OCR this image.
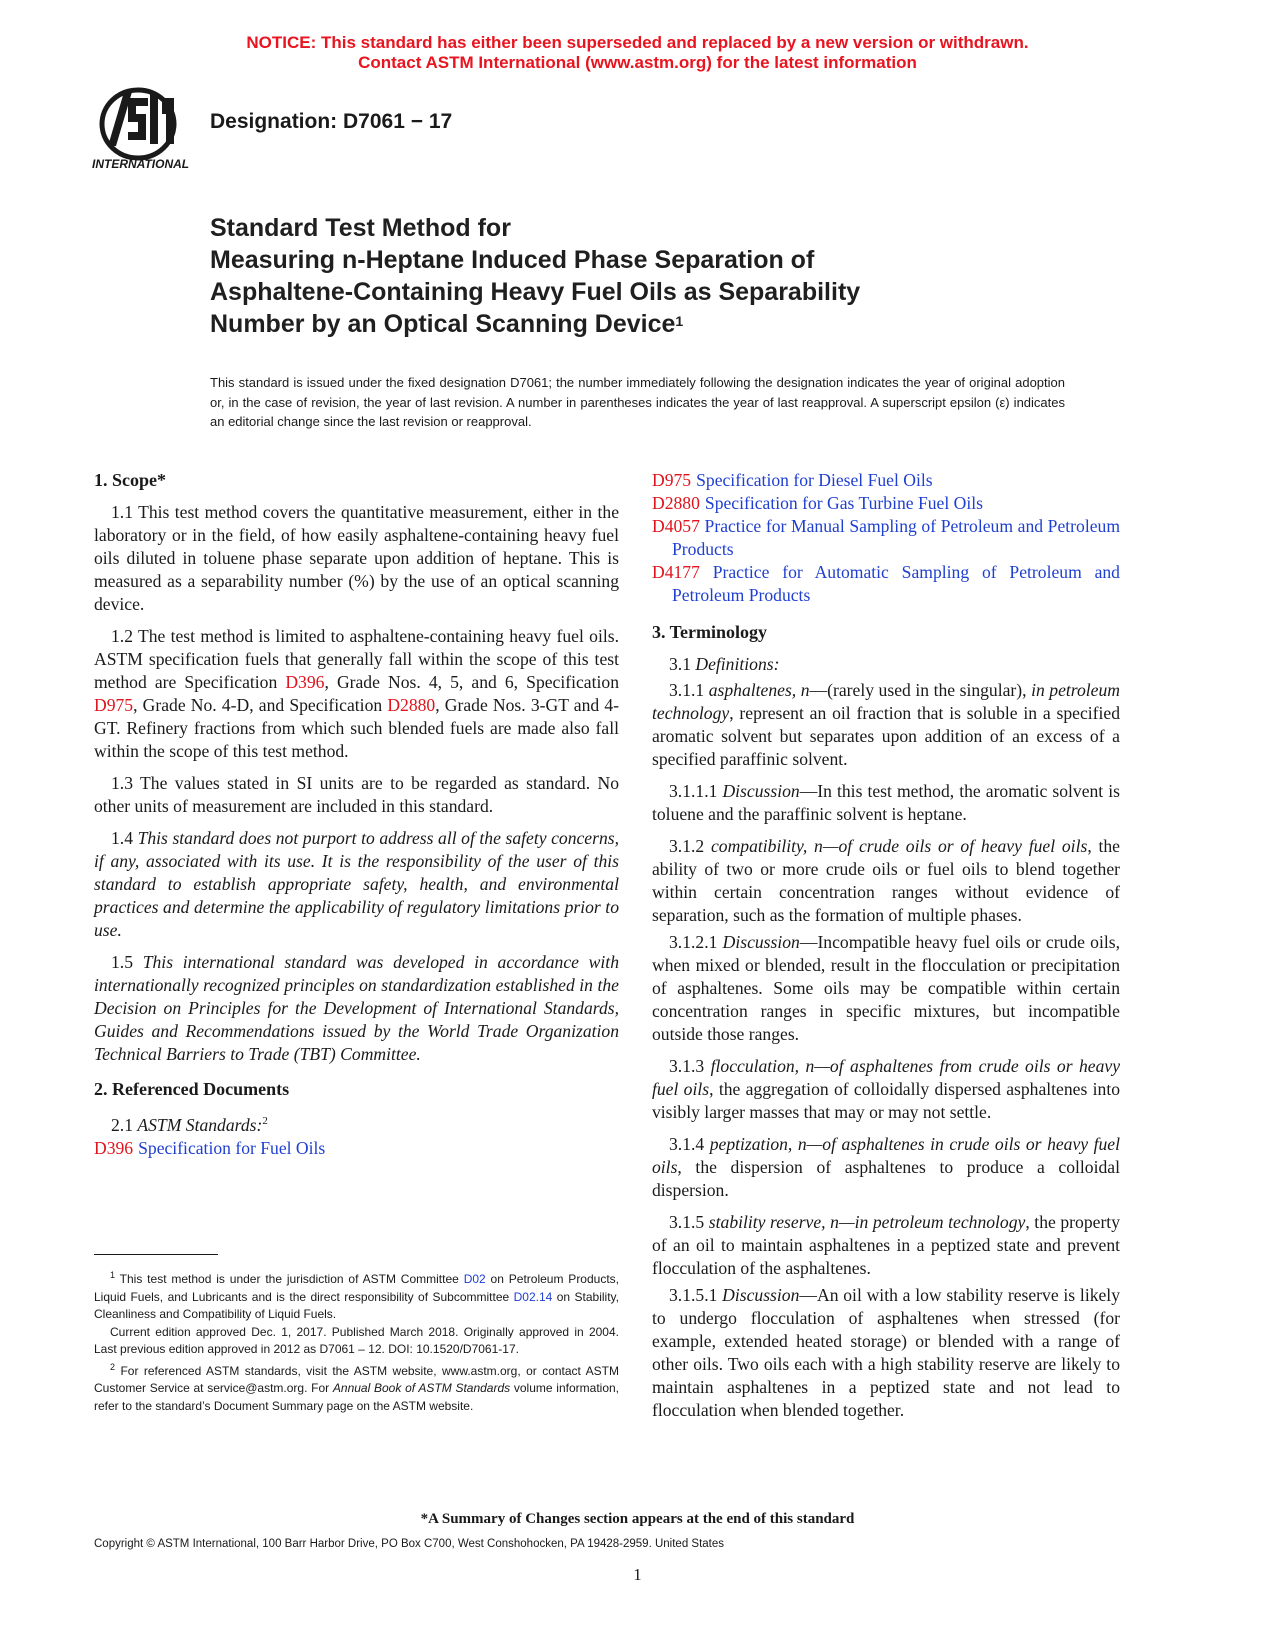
NOTICE: This standard has either been superseded and replaced by a new version or withdrawn.
Contact ASTM International (www.astm.org) for the latest information
INTERNATIONAL
Designation: D7061 − 17
Standard Test Method for
Measuring n-Heptane Induced Phase Separation of
Asphaltene-Containing Heavy Fuel Oils as Separability
Number by an Optical Scanning Device$^1$
This standard is issued under the fixed designation D7061; the number immediately following the designation indicates the year of original adoption or, in the case of revision, the year of last revision. A number in parentheses indicates the year of last reapproval. A superscript epsilon (ε) indicates an editorial change since the last revision or reapproval.
1. Scope*

1.1 This test method covers the quantitative measurement, either in the laboratory or in the field, of how easily asphaltene-containing heavy fuel oils diluted in toluene phase separate upon addition of heptane. This is measured as a separability number (%) by the use of an optical scanning device.

1.2 The test method is limited to asphaltene-containing heavy fuel oils. ASTM specification fuels that generally fall within the scope of this test method are Specification D396, Grade Nos. 4, 5, and 6, Specification D975, Grade No. 4-D, and Specification D2880, Grade Nos. 3-GT and 4-GT. Refinery fractions from which such blended fuels are made also fall within the scope of this test method.

1.3 The values stated in SI units are to be regarded as standard. No other units of measurement are included in this standard.

1.4 This standard does not purport to address all of the safety concerns, if any, associated with its use. It is the responsibility of the user of this standard to establish appropriate safety, health, and environmental practices and determine the applicability of regulatory limitations prior to use.

1.5 This international standard was developed in accordance with internationally recognized principles on standardization established in the Decision on Principles for the Development of International Standards, Guides and Recommendations issued by the World Trade Organization Technical Barriers to Trade (TBT) Committee.

2. Referenced Documents

2.1 ASTM Standards:$^2$

D396 Specification for Fuel Oils
D975 Specification for Diesel Fuel Oils
D2880 Specification for Gas Turbine Fuel Oils
D4057 Practice for Manual Sampling of Petroleum and Petroleum Products
D4177 Practice for Automatic Sampling of Petroleum and Petroleum Products
3. Terminology

3.1 Definitions:

3.1.1 asphaltenes, n—(rarely used in the singular), in petroleum technology, represent an oil fraction that is soluble in a specified aromatic solvent but separates upon addition of an excess of a specified paraffinic solvent.

3.1.1.1 Discussion—In this test method, the aromatic solvent is toluene and the paraffinic solvent is heptane.

3.1.2 compatibility, n—of crude oils or of heavy fuel oils, the ability of two or more crude oils or fuel oils to blend together within certain concentration ranges without evidence of separation, such as the formation of multiple phases.

3.1.2.1 Discussion—Incompatible heavy fuel oils or crude oils, when mixed or blended, result in the flocculation or precipitation of asphaltenes. Some oils may be compatible within certain concentration ranges in specific mixtures, but incompatible outside those ranges.

3.1.3 flocculation, n—of asphaltenes from crude oils or heavy fuel oils, the aggregation of colloidally dispersed asphaltenes into visibly larger masses that may or may not settle.

3.1.4 peptization, n—of asphaltenes in crude oils or heavy fuel oils, the dispersion of asphaltenes to produce a colloidal dispersion.

3.1.5 stability reserve, n—in petroleum technology, the property of an oil to maintain asphaltenes in a peptized state and prevent flocculation of the asphaltenes.

3.1.5.1 Discussion—An oil with a low stability reserve is likely to undergo flocculation of asphaltenes when stressed (for example, extended heated storage) or blended with a range of other oils. Two oils each with a high stability reserve are likely to maintain asphaltenes in a peptized state and not lead to flocculation when blended together.

$^1$ This test method is under the jurisdiction of ASTM Committee D02 on Petroleum Products, Liquid Fuels, and Lubricants and is the direct responsibility of Subcommittee D02.14 on Stability, Cleanliness and Compatibility of Liquid Fuels.

Current edition approved Dec. 1, 2017. Published March 2018. Originally approved in 2004. Last previous edition approved in 2012 as D7061 – 12. DOI: 10.1520/D7061-17.

$^2$ For referenced ASTM standards, visit the ASTM website, www.astm.org, or contact ASTM Customer Service at service@astm.org. For Annual Book of ASTM Standards volume information, refer to the standard’s Document Summary page on the ASTM website.

*A Summary of Changes section appears at the end of this standard
Copyright © ASTM International, 100 Barr Harbor Drive, PO Box C700, West Conshohocken, PA 19428-2959. United States
1
